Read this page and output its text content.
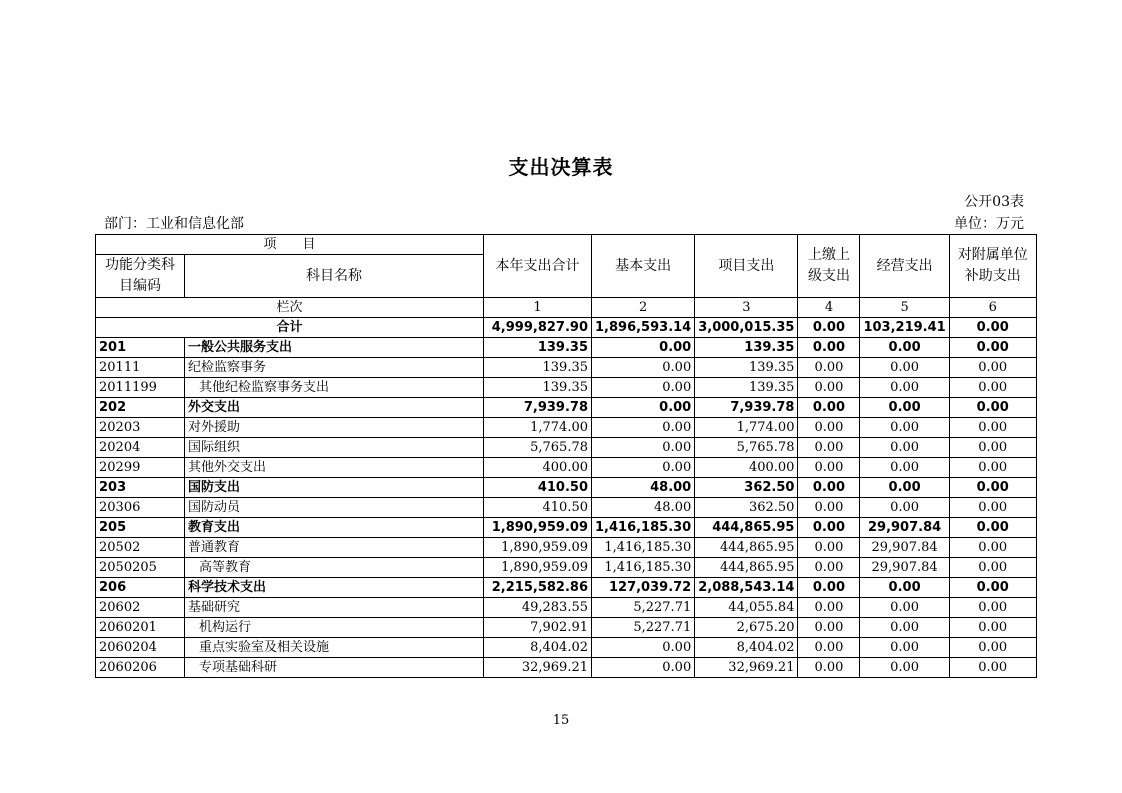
支出决算表
公开03表
部门：工业和信息化部	单位：万元
项　　目		本年支出合计	基本支出	项目支出	上缴上级支出	经营支出	对附属单位补助支出
功能分类科目编码	科目名称						
栏次		1	2	3	4	5	6
合计		4,999,827.90	1,896,593.14	3,000,015.35	0.00	103,219.41	0.00
201	一般公共服务支出	139.35	0.00	139.35	0.00	0.00	0.00
20111	纪检监察事务	139.35	0.00	139.35	0.00	0.00	0.00
2011199	其他纪检监察事务支出	139.35	0.00	139.35	0.00	0.00	0.00
202	外交支出	7,939.78	0.00	7,939.78	0.00	0.00	0.00
20203	对外援助	1,774.00	0.00	1,774.00	0.00	0.00	0.00
20204	国际组织	5,765.78	0.00	5,765.78	0.00	0.00	0.00
20299	其他外交支出	400.00	0.00	400.00	0.00	0.00	0.00
203	国防支出	410.50	48.00	362.50	0.00	0.00	0.00
20306	国防动员	410.50	48.00	362.50	0.00	0.00	0.00
205	教育支出	1,890,959.09	1,416,185.30	444,865.95	0.00	29,907.84	0.00
20502	普通教育	1,890,959.09	1,416,185.30	444,865.95	0.00	29,907.84	0.00
2050205	高等教育	1,890,959.09	1,416,185.30	444,865.95	0.00	29,907.84	0.00
206	科学技术支出	2,215,582.86	127,039.72	2,088,543.14	0.00	0.00	0.00
20602	基础研究	49,283.55	5,227.71	44,055.84	0.00	0.00	0.00
2060201	机构运行	7,902.91	5,227.71	2,675.20	0.00	0.00	0.00
2060204	重点实验室及相关设施	8,404.02	0.00	8,404.02	0.00	0.00	0.00
2060206	专项基础科研	32,969.21	0.00	32,969.21	0.00	0.00	0.00
15
